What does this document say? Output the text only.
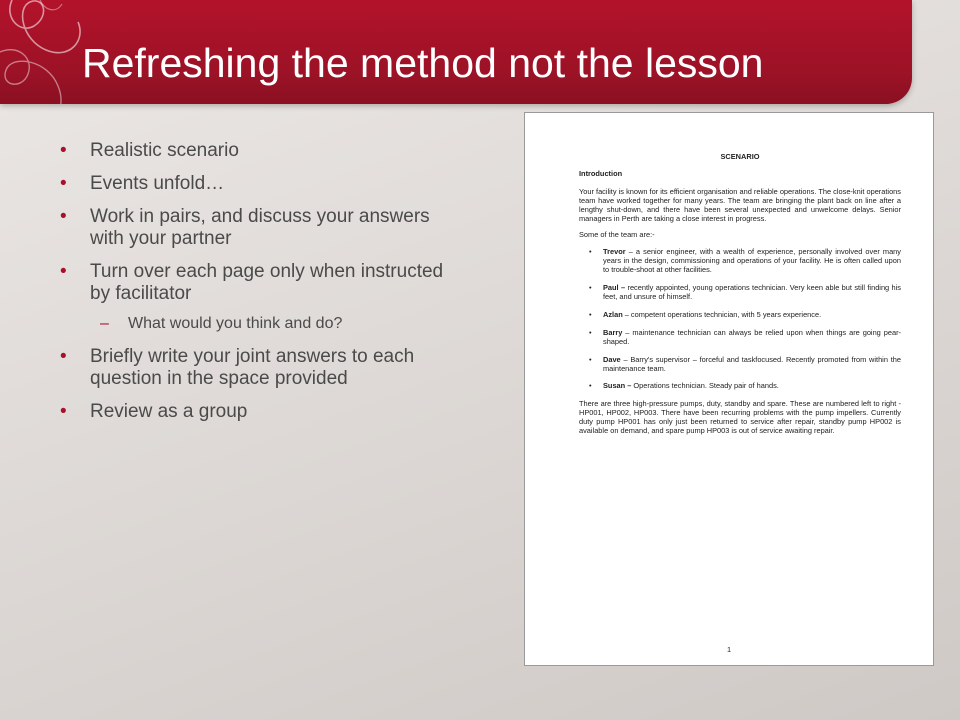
Refreshing the method not the lesson
• Realistic scenario
• Events unfold…
• Work in pairs, and discuss your answers with your partner
• Turn over each page only when instructed by facilitator
– What would you think and do?
• Briefly write your joint answers to each question in the space provided
• Review as a group
SCENARIO
Introduction

Your facility is known for its efficient organisation and reliable operations. The close-knit operations team have worked together for many years. The team are bringing the plant back on line after a lengthy shut-down, and there have been several unexpected and unwelcome delays. Senior managers in Perth are taking a close interest in progress.

Some of the team are:-

• Trevor – a senior engineer, with a wealth of experience, personally involved over many years in the design, commissioning and operations of your facility. He is often called upon to trouble-shoot at other facilities.
• Paul – recently appointed, young operations technician. Very keen able but still finding his feet, and unsure of himself.
• Azlan – competent operations technician, with 5 years experience.
• Barry – maintenance technician can always be relied upon when things are going pear-shaped.
• Dave – Barry's supervisor – forceful and taskfocused. Recently promoted from within the maintenance team.
• Susan – Operations technician. Steady pair of hands.

There are three high-pressure pumps, duty, standby and spare. These are numbered left to right - HP001, HP002, HP003. There have been recurring problems with the pump impellers. Currently duty pump HP001 has only just been returned to service after repair, standby pump HP002 is available on demand, and spare pump HP003 is out of service awaiting repair.

1
